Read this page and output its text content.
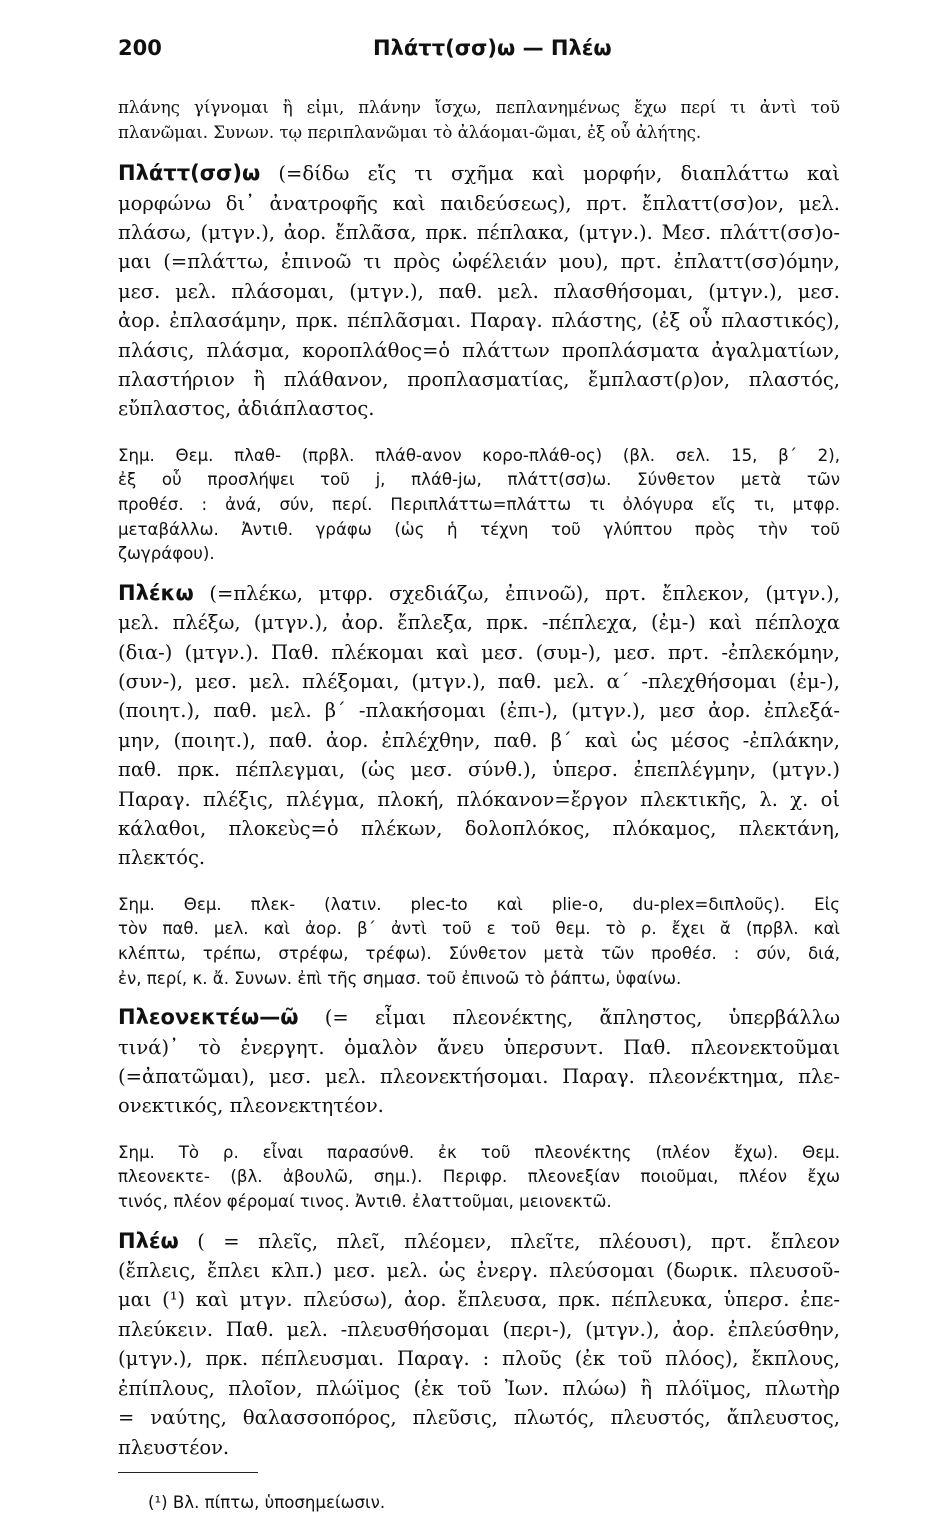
200	Πλάττ(σσ)ω — Πλέω
πλάνης γίγνομαι ἢ εἰμι, πλάνην ἴσχω, πεπλανημένως ἔχω περί τι ἀντὶ τοῦ
πλανῶμαι. Συνων. τῳ περιπλανῶμαι τὸ ἀλάομαι-ῶμαι, ἐξ οὗ ἀλήτης.
Πλάττ(σσ)ω (=δίδω εἴς τι σχῆμα καὶ μορφήν, διαπλάττω καὶ
μορφώνω δι᾽ ἀνατροφῆς καὶ παιδεύσεως), πρτ. ἔπλαττ(σσ)ον, μελ.
πλάσω, (μτγν.), ἀορ. ἔπλᾶσα, πρκ. πέπλακα, (μτγν.). Μεσ. πλάττ(σσ)ο-
μαι (=πλάττω, ἐπινοῶ τι πρὸς ὠφέλειάν μου), πρτ. ἐπλαττ(σσ)όμην,
μεσ. μελ. πλάσομαι, (μτγν.), παθ. μελ. πλασθήσομαι, (μτγν.), μεσ.
ἀορ. ἐπλασάμην, πρκ. πέπλᾶσμαι. Παραγ. πλάστης, (ἐξ οὗ πλαστικός),
πλάσις, πλάσμα, κοροπλάθος=ὁ πλάττων προπλάσματα ἀγαλματίων,
πλαστήριον ἢ πλάθανον, προπλασματίας, ἔμπλαστ(ρ)ον, πλαστός,
εὔπλαστος, ἀδιάπλαστος.
Σημ. Θεμ. πλαθ- (πρβλ. πλάθ-ανον κορο-πλάθ-ος) (βλ. σελ. 15, β΄ 2),
ἐξ οὗ προσλήψει τοῦ j, πλάθ-jω, πλάττ(σσ)ω. Σύνθετον μετὰ τῶν
προθέσ. : ἀνά, σύν, περί. Περιπλάττω=πλάττω τι ὀλόγυρα εἴς τι, μτφρ.
μεταβάλλω. Ἀντιθ. γράφω (ὡς ἡ τέχνη τοῦ γλύπτου πρὸς τὴν τοῦ
ζωγράφου).
Πλέκω (=πλέκω, μτφρ. σχεδιάζω, ἐπινοῶ), πρτ. ἔπλεκον, (μτγν.),
μελ. πλέξω, (μτγν.), ἀορ. ἔπλεξα, πρκ. -πέπλεχα, (ἐμ-) καὶ πέπλοχα
(δια-) (μτγν.). Παθ. πλέκομαι καὶ μεσ. (συμ-), μεσ. πρτ. -ἐπλεκόμην,
(συν-), μεσ. μελ. πλέξομαι, (μτγν.), παθ. μελ. α΄ -πλεχθήσομαι (ἐμ-),
(ποιητ.), παθ. μελ. β΄ -πλακήσομαι (ἐπι-), (μτγν.), μεσ ἀορ. ἐπλεξά-
μην, (ποιητ.), παθ. ἀορ. ἐπλέχθην, παθ. β΄ καὶ ὡς μέσος -ἐπλάκην,
παθ. πρκ. πέπλεγμαι, (ὡς μεσ. σύνθ.), ὑπερσ. ἐπεπλέγμην, (μτγν.)
Παραγ. πλέξις, πλέγμα, πλοκή, πλόκανον=ἔργον πλεκτικῆς, λ. χ. οἱ
κάλαθοι, πλοκεὺς=ὁ πλέκων, δολοπλόκος, πλόκαμος, πλεκτάνη,
πλεκτός.
Σημ. Θεμ. πλεκ- (λατιν. plec-to καὶ plie-o, du-plex=διπλοῦς). Εἰς
τὸν παθ. μελ. καὶ ἀορ. β΄ ἀντὶ τοῦ ε τοῦ θεμ. τὸ ρ. ἔχει ᾰ (πρβλ. καὶ
κλέπτω, τρέπω, στρέφω, τρέφω). Σύνθετον μετὰ τῶν προθέσ. : σύν, διά,
ἐν, περί, κ. ἄ. Συνων. ἐπὶ τῆς σημασ. τοῦ ἐπινοῶ τὸ ῥάπτω, ὑφαίνω.
Πλεονεκτέω—ῶ (= εἶμαι πλεονέκτης, ἄπληστος, ὑπερβάλλω
τινά)᾽ τὸ ἐνεργητ. ὁμαλὸν ἄνευ ὑπερσυντ. Παθ. πλεονεκτοῦμαι
(=ἀπατῶμαι), μεσ. μελ. πλεονεκτήσομαι. Παραγ. πλεονέκτημα, πλε-
ονεκτικός, πλεονεκτητέον.
Σημ. Τὸ ρ. εἶναι παρασύνθ. ἐκ τοῦ πλεονέκτης (πλέον ἔχω). Θεμ.
πλεονεκτε- (βλ. ἀβουλῶ, σημ.). Περιφρ. πλεονεξίαν ποιοῦμαι, πλέον ἔχω
τινός, πλέον φέρομαί τινος. Ἀντιθ. ἐλαττοῦμαι, μειονεκτῶ.
Πλέω ( = πλεῖς, πλεῖ, πλέομεν, πλεῖτε, πλέουσι), πρτ. ἔπλεον
(ἔπλεις, ἔπλει κλπ.) μεσ. μελ. ὡς ἐνεργ. πλεύσομαι (δωρικ. πλευσοῦ-
μαι (¹) καὶ μτγν. πλεύσω), ἀορ. ἔπλευσα, πρκ. πέπλευκα, ὑπερσ. ἐπε-
πλεύκειν. Παθ. μελ. -πλευσθήσομαι (περι-), (μτγν.), ἀορ. ἐπλεύσθην,
(μτγν.), πρκ. πέπλευσμαι. Παραγ. : πλοῦς (ἐκ τοῦ πλόος), ἔκπλους,
ἐπίπλους, πλοῖον, πλώϊμος (ἐκ τοῦ Ἰων. πλώω) ἢ πλόϊμος, πλωτὴρ
= ναύτης, θαλασσοπόρος, πλεῦσις, πλωτός, πλευστός, ἄπλευστος,
πλευστέον.
(¹) Βλ. πίπτω, ὑποσημείωσιν.
